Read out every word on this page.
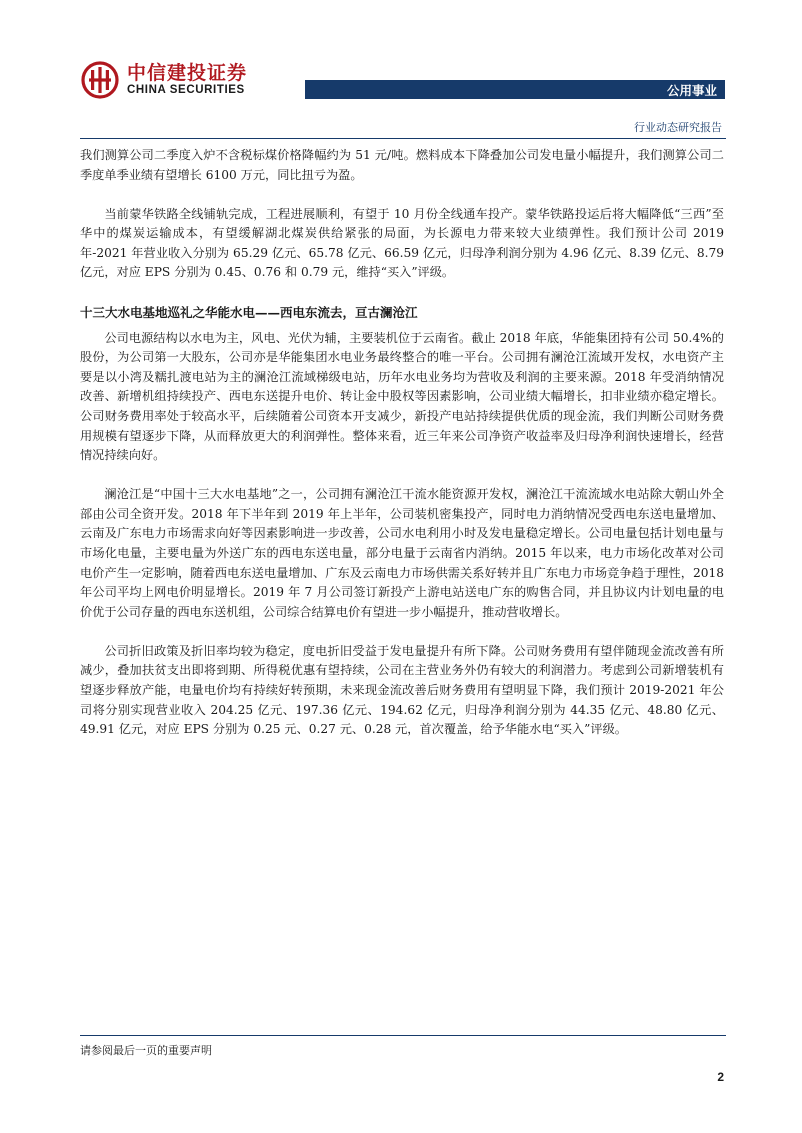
中信建投证券
CHINA SECURITIES	公用事业
行业动态研究报告

我们测算公司二季度入炉不含税标煤价格降幅约为 51 元/吨。燃料成本下降叠加公司发电量小幅提升，我们测算公司二季度单季业绩有望增长 6100 万元，同比扭亏为盈。

当前蒙华铁路全线铺轨完成，工程进展顺利，有望于 10 月份全线通车投产。蒙华铁路投运后将大幅降低“三西”至华中的煤炭运输成本，有望缓解湖北煤炭供给紧张的局面，为长源电力带来较大业绩弹性。我们预计公司 2019 年-2021 年营业收入分别为 65.29 亿元、65.78 亿元、66.59 亿元，归母净利润分别为 4.96 亿元、8.39 亿元、8.79 亿元，对应 EPS 分别为 0.45、0.76 和 0.79 元，维持“买入”评级。

十三大水电基地巡礼之华能水电——西电东流去，亘古澜沧江

公司电源结构以水电为主，风电、光伏为辅，主要装机位于云南省。截止 2018 年底，华能集团持有公司 50.4%的股份，为公司第一大股东，公司亦是华能集团水电业务最终整合的唯一平台。公司拥有澜沧江流域开发权，水电资产主要是以小湾及糯扎渡电站为主的澜沧江流域梯级电站，历年水电业务均为营收及利润的主要来源。2018 年受消纳情况改善、新增机组持续投产、西电东送提升电价、转让金中股权等因素影响，公司业绩大幅增长，扣非业绩亦稳定增长。公司财务费用率处于较高水平，后续随着公司资本开支减少，新投产电站持续提供优质的现金流，我们判断公司财务费用规模有望逐步下降，从而释放更大的利润弹性。整体来看，近三年来公司净资产收益率及归母净利润快速增长，经营情况持续向好。

澜沧江是“中国十三大水电基地”之一，公司拥有澜沧江干流水能资源开发权，澜沧江干流流域水电站除大朝山外全部由公司全资开发。2018 年下半年到 2019 年上半年，公司装机密集投产，同时电力消纳情况受西电东送电量增加、云南及广东电力市场需求向好等因素影响进一步改善，公司水电利用小时及发电量稳定增长。公司电量包括计划电量与市场化电量，主要电量为外送广东的西电东送电量，部分电量于云南省内消纳。2015 年以来，电力市场化改革对公司电价产生一定影响，随着西电东送电量增加、广东及云南电力市场供需关系好转并且广东电力市场竞争趋于理性，2018 年公司平均上网电价明显增长。2019 年 7 月公司签订新投产上游电站送电广东的购售合同，并且协议内计划电量的电价优于公司存量的西电东送机组，公司综合结算电价有望进一步小幅提升，推动营收增长。

公司折旧政策及折旧率均较为稳定，度电折旧受益于发电量提升有所下降。公司财务费用有望伴随现金流改善有所减少，叠加扶贫支出即将到期、所得税优惠有望持续，公司在主营业务外仍有较大的利润潜力。考虑到公司新增装机有望逐步释放产能，电量电价均有持续好转预期，未来现金流改善后财务费用有望明显下降，我们预计 2019-2021 年公司将分别实现营业收入 204.25 亿元、197.36 亿元、194.62 亿元，归母净利润分别为 44.35 亿元、48.80 亿元、49.91 亿元，对应 EPS 分别为 0.25 元、0.27 元、0.28 元，首次覆盖，给予华能水电“买入”评级。

请参阅最后一页的重要声明
2
